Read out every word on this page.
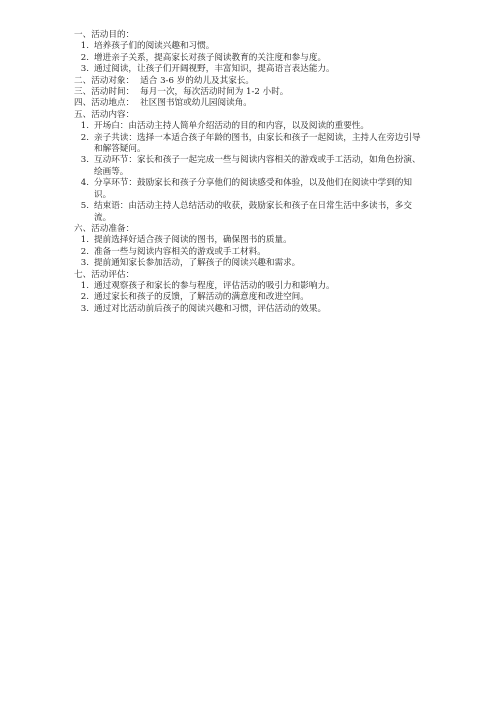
一、活动目的：

1. 培养孩子们的阅读兴趣和习惯。
2. 增进亲子关系，提高家长对孩子阅读教育的关注度和参与度。
3. 通过阅读，让孩子们开阔视野，丰富知识，提高语言表达能力。

二、活动对象： 适合 3-6 岁的幼儿及其家长。

三、活动时间： 每月一次，每次活动时间为 1-2 小时。

四、活动地点： 社区图书馆或幼儿园阅读角。

五、活动内容：

1. 开场白：由活动主持人简单介绍活动的目的和内容，以及阅读的重要性。
2. 亲子共读：选择一本适合孩子年龄的图书，由家长和孩子一起阅读，主持人在旁边引导和解答疑问。
3. 互动环节：家长和孩子一起完成一些与阅读内容相关的游戏或手工活动，如角色扮演、绘画等。
4. 分享环节：鼓励家长和孩子分享他们的阅读感受和体验，以及他们在阅读中学到的知识。
5. 结束语：由活动主持人总结活动的收获，鼓励家长和孩子在日常生活中多读书，多交流。

六、活动准备：

1. 提前选择好适合孩子阅读的图书，确保图书的质量。
2. 准备一些与阅读内容相关的游戏或手工材料。
3. 提前通知家长参加活动，了解孩子的阅读兴趣和需求。

七、活动评估：

1. 通过观察孩子和家长的参与程度，评估活动的吸引力和影响力。
2. 通过家长和孩子的反馈，了解活动的满意度和改进空间。
3. 通过对比活动前后孩子的阅读兴趣和习惯，评估活动的效果。
